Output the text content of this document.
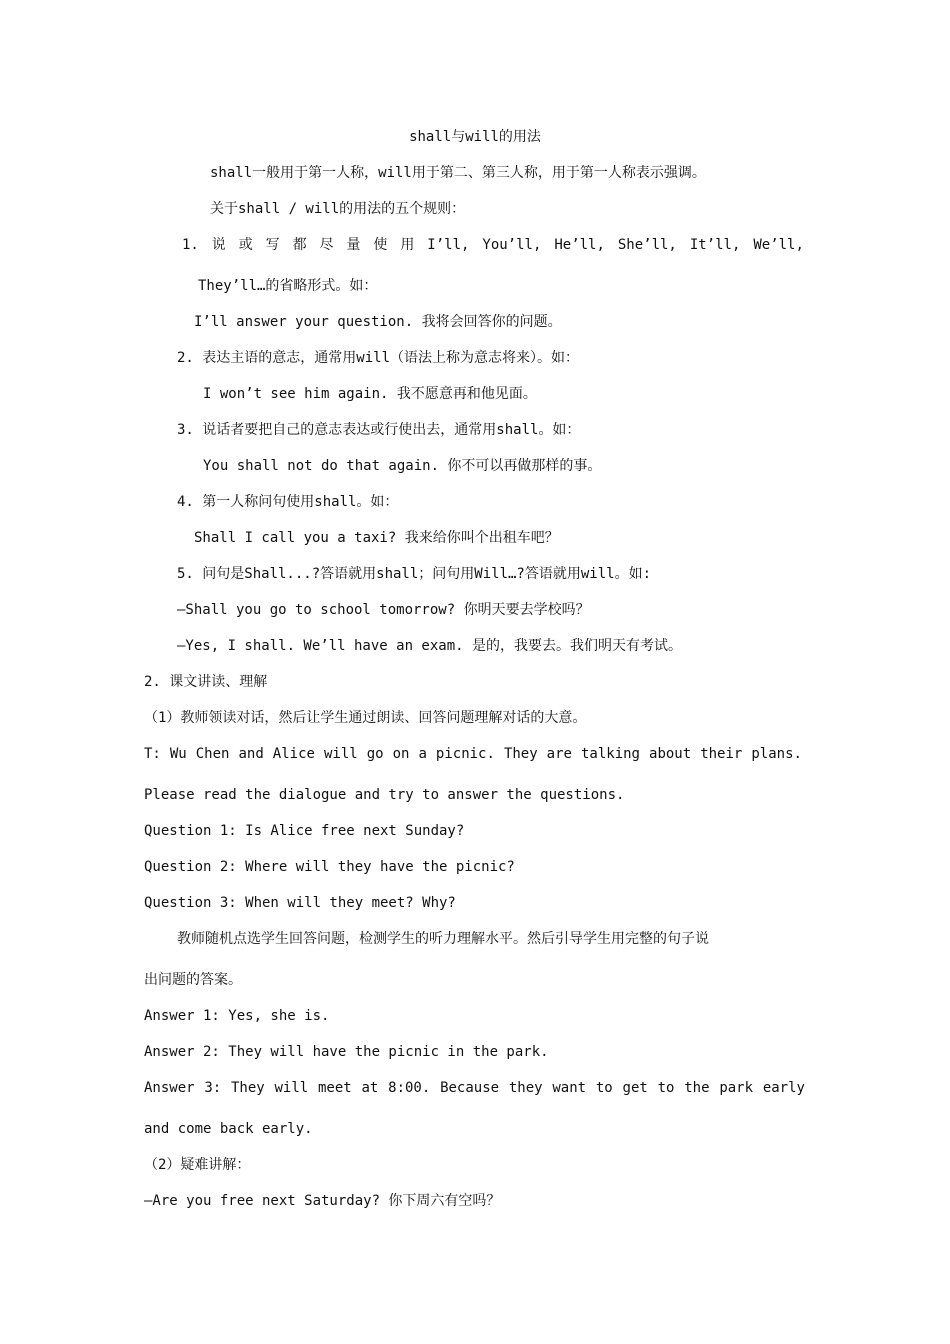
shall与will的用法
shall一般用于第一人称，will用于第二、第三人称，用于第一人称表示强调。
关于shall / will的用法的五个规则：
1. 说 或 写 都 尽 量 使 用 I’ll, You’ll, He’ll, She’ll, It’ll, We’ll,
They’ll…的省略形式。如：
I’ll answer your question. 我将会回答你的问题。
2. 表达主语的意志，通常用will（语法上称为意志将来）。如：
I won’t see him again. 我不愿意再和他见面。
3. 说话者要把自己的意志表达或行使出去，通常用shall。如：
You shall not do that again. 你不可以再做那样的事。
4. 第一人称问句使用shall。如：
Shall I call you a taxi? 我来给你叫个出租车吧？
5. 问句是Shall...?答语就用shall；问句用Will…?答语就用will。如:
—Shall you go to school tomorrow? 你明天要去学校吗？
—Yes, I shall. We’ll have an exam. 是的，我要去。我们明天有考试。
2. 课文讲读、理解
（1）教师领读对话，然后让学生通过朗读、回答问题理解对话的大意。
T: Wu Chen and Alice will go on a picnic. They are talking about their plans.
Please read the dialogue and try to answer the questions.
Question 1: Is Alice free next Sunday?
Question 2: Where will they have the picnic?
Question 3: When will they meet? Why?
教师随机点选学生回答问题，检测学生的听力理解水平。然后引导学生用完整的句子说
出问题的答案。
Answer 1: Yes, she is.
Answer 2: They will have the picnic in the park.
Answer 3: They will meet at 8:00. Because they want to get to the park early
and come back early.
（2）疑难讲解：
—Are you free next Saturday? 你下周六有空吗？
